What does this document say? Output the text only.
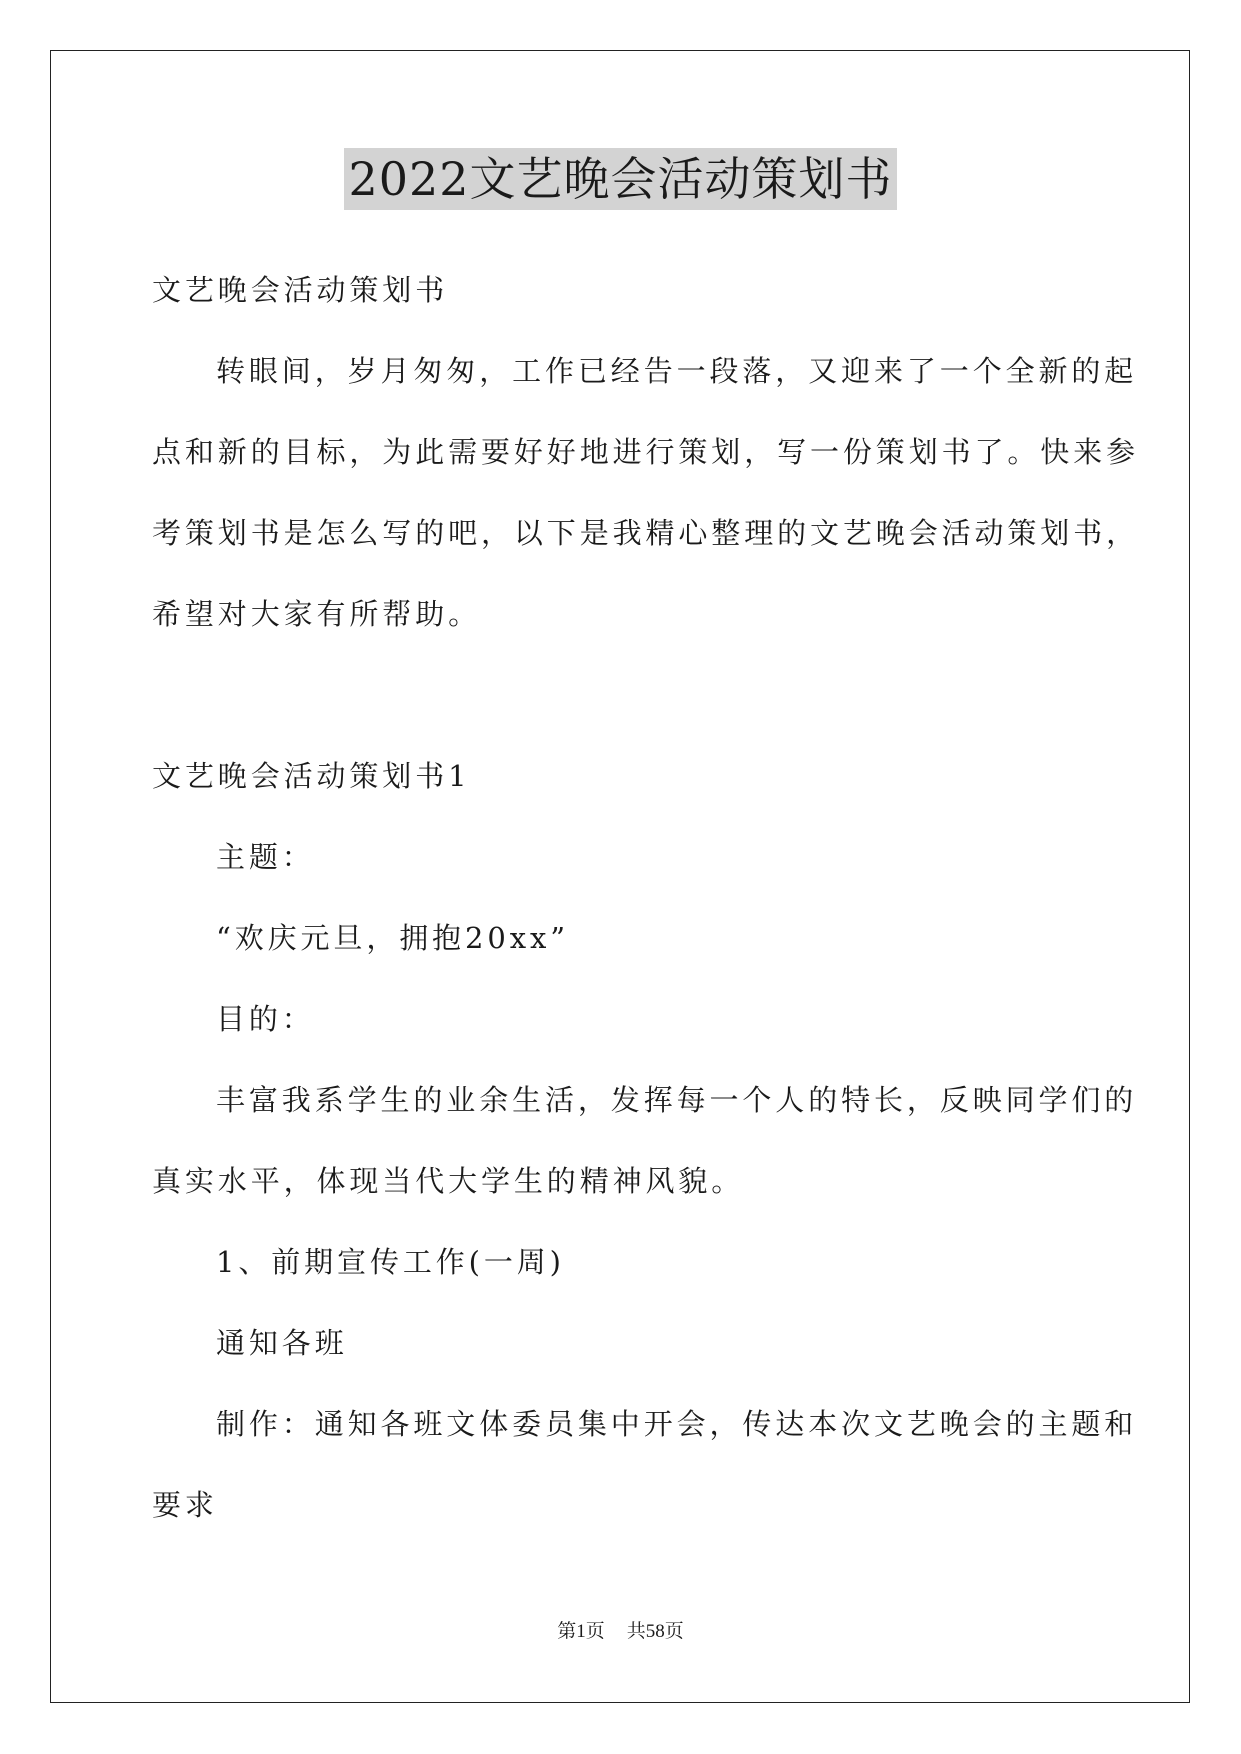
2022文艺晚会活动策划书
文艺晚会活动策划书
转眼间，岁月匆匆，工作已经告一段落，又迎来了一个全新的起
点和新的目标，为此需要好好地进行策划，写一份策划书了。快来参
考策划书是怎么写的吧，以下是我精心整理的文艺晚会活动策划书，
希望对大家有所帮助。
文艺晚会活动策划书1
主题：
“欢庆元旦，拥抱20xx”
目的：
丰富我系学生的业余生活，发挥每一个人的特长，反映同学们的
真实水平，体现当代大学生的精神风貌。
1、前期宣传工作(一周)
通知各班
制作：通知各班文体委员集中开会，传达本次文艺晚会的主题和
要求
第1页 共58页
